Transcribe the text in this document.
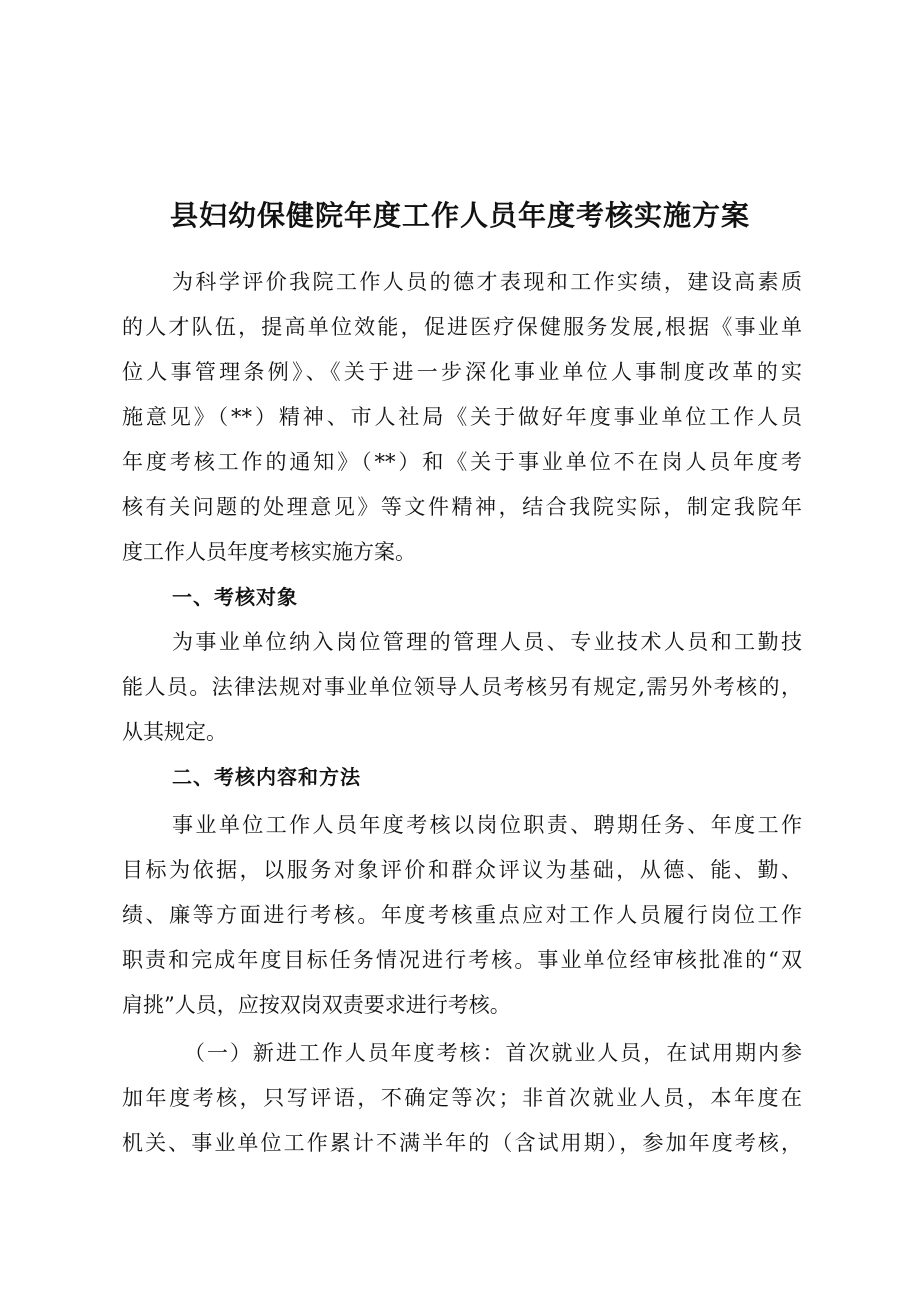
县妇幼保健院年度工作人员年度考核实施方案
为科学评价我院工作人员的德才表现和工作实绩，建设高素质
的人才队伍，提高单位效能，促进医疗保健服务发展,根据《事业单
位人事管理条例》、《关于进一步深化事业单位人事制度改革的实
施意见》（**）精神、市人社局《关于做好年度事业单位工作人员
年度考核工作的通知》（**）和《关于事业单位不在岗人员年度考
核有关问题的处理意见》等文件精神，结合我院实际，制定我院年
度工作人员年度考核实施方案。
一、考核对象
为事业单位纳入岗位管理的管理人员、专业技术人员和工勤技
能人员。法律法规对事业单位领导人员考核另有规定,需另外考核的，
从其规定。
二、考核内容和方法
事业单位工作人员年度考核以岗位职责、聘期任务、年度工作
目标为依据，以服务对象评价和群众评议为基础，从德、能、勤、
绩、廉等方面进行考核。年度考核重点应对工作人员履行岗位工作
职责和完成年度目标任务情况进行考核。事业单位经审核批准的“双
肩挑”人员，应按双岗双责要求进行考核。
（一）新进工作人员年度考核：首次就业人员，在试用期内参
加年度考核，只写评语，不确定等次；非首次就业人员，本年度在
机关、事业单位工作累计不满半年的（含试用期），参加年度考核，
